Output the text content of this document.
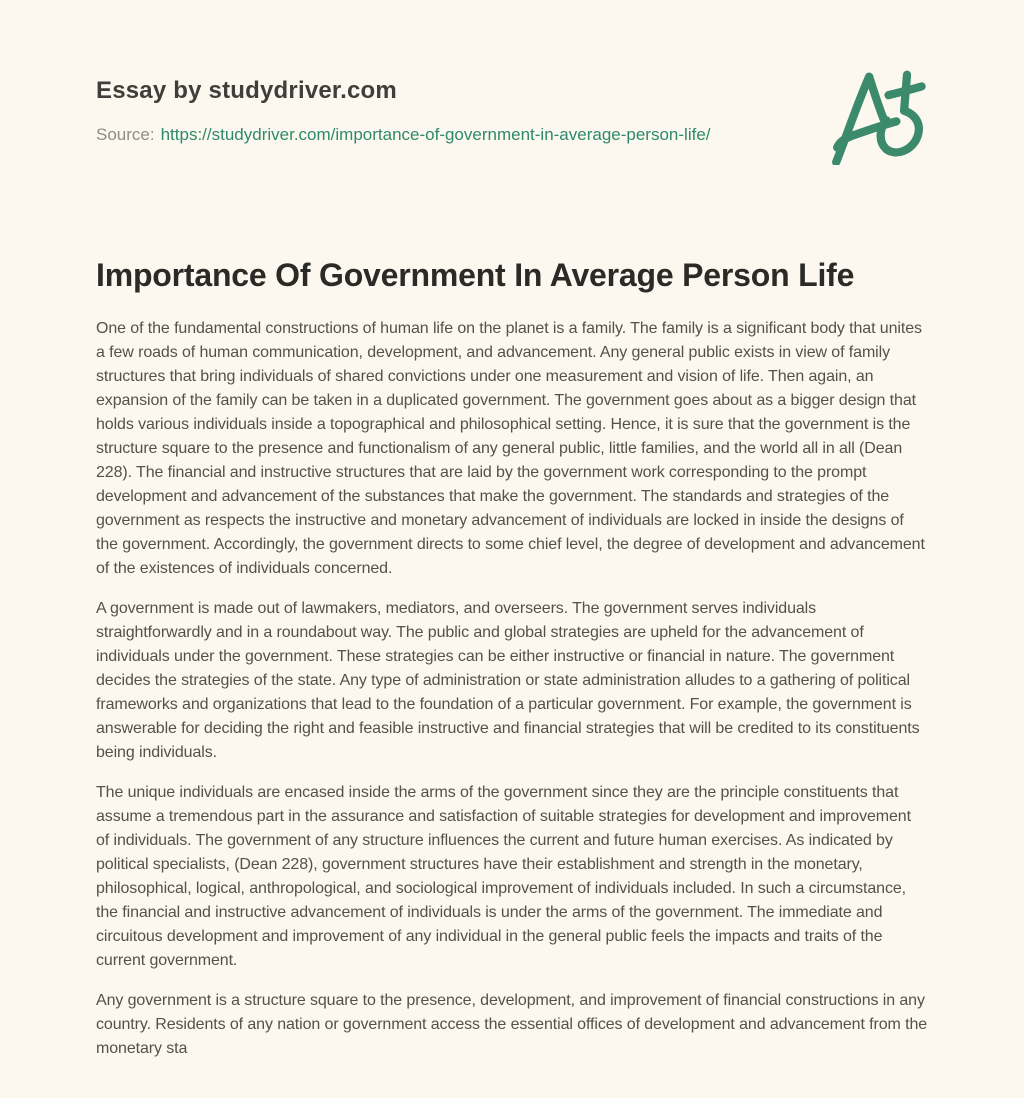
Essay by studydriver.com
Source: https://studydriver.com/importance-of-government-in-average-person-life/
Importance Of Government In Average Person Life

One of the fundamental constructions of human life on the planet is a family. The family is a significant body that unites a few roads of human communication, development, and advancement. Any general public exists in view of family structures that bring individuals of shared convictions under one measurement and vision of life. Then again, an expansion of the family can be taken in a duplicated government. The government goes about as a bigger design that holds various individuals inside a topographical and philosophical setting. Hence, it is sure that the government is the structure square to the presence and functionalism of any general public, little families, and the world all in all (Dean 228). The financial and instructive structures that are laid by the government work corresponding to the prompt development and advancement of the substances that make the government. The standards and strategies of the government as respects the instructive and monetary advancement of individuals are locked in inside the designs of the government. Accordingly, the government directs to some chief level, the degree of development and advancement of the existences of individuals concerned.

A government is made out of lawmakers, mediators, and overseers. The government serves individuals straightforwardly and in a roundabout way. The public and global strategies are upheld for the advancement of individuals under the government. These strategies can be either instructive or financial in nature. The government decides the strategies of the state. Any type of administration or state administration alludes to a gathering of political frameworks and organizations that lead to the foundation of a particular government. For example, the government is answerable for deciding the right and feasible instructive and financial strategies that will be credited to its constituents being individuals.

The unique individuals are encased inside the arms of the government since they are the principle constituents that assume a tremendous part in the assurance and satisfaction of suitable strategies for development and improvement of individuals. The government of any structure influences the current and future human exercises. As indicated by political specialists, (Dean 228), government structures have their establishment and strength in the monetary, philosophical, logical, anthropological, and sociological improvement of individuals included. In such a circumstance, the financial and instructive advancement of individuals is under the arms of the government. The immediate and circuitous development and improvement of any individual in the general public feels the impacts and traits of the current government.

Any government is a structure square to the presence, development, and improvement of financial constructions in any country. Residents of any nation or government access the essential offices of development and advancement from the monetary sta
